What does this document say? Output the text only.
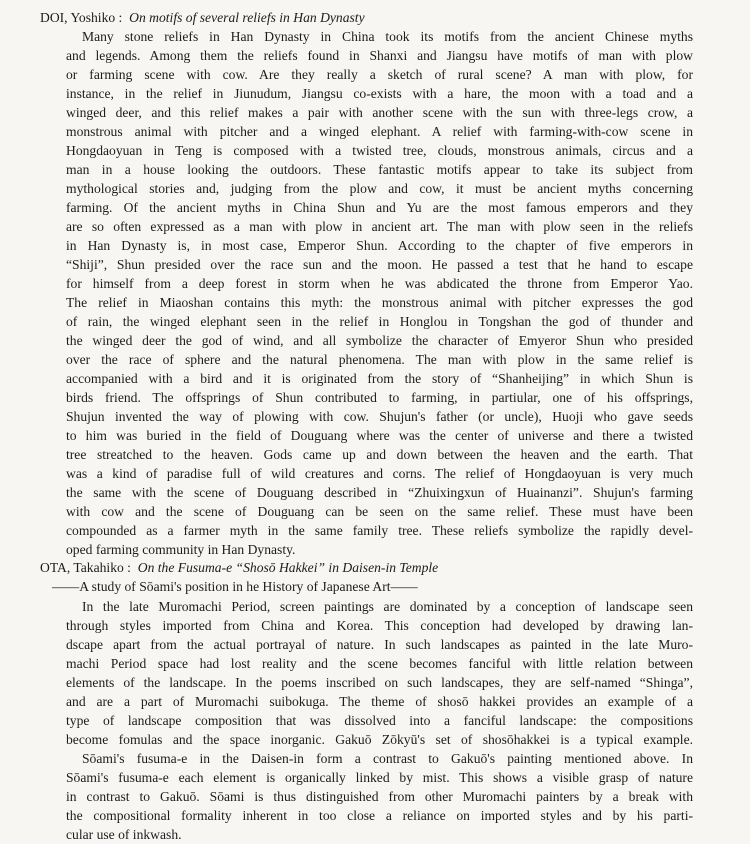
DOI, Yoshiko : On motifs of several reliefs in Han Dynasty
Many stone reliefs in Han Dynasty in China took its motifs from the ancient Chinese myths
and legends. Among them the reliefs found in Shanxi and Jiangsu have motifs of man with plow
or farming scene with cow. Are they really a sketch of rural scene? A man with plow, for
instance, in the relief in Jiunudum, Jiangsu co-exists with a hare, the moon with a toad and a
winged deer, and this relief makes a pair with another scene with the sun with three-legs crow, a
monstrous animal with pitcher and a winged elephant. A relief with farming-with-cow scene in
Hongdaoyuan in Teng is composed with a twisted tree, clouds, monstrous animals, circus and a
man in a house looking the outdoors. These fantastic motifs appear to take its subject from
mythological stories and, judging from the plow and cow, it must be ancient myths concerning
farming. Of the ancient myths in China Shun and Yu are the most famous emperors and they
are so often expressed as a man with plow in ancient art. The man with plow seen in the reliefs
in Han Dynasty is, in most case, Emperor Shun. According to the chapter of five emperors in
“Shiji”, Shun presided over the race sun and the moon. He passed a test that he hand to escape
for himself from a deep forest in storm when he was abdicated the throne from Emperor Yao.
The relief in Miaoshan contains this myth: the monstrous animal with pitcher expresses the god
of rain, the winged elephant seen in the relief in Honglou in Tongshan the god of thunder and
the winged deer the god of wind, and all symbolize the character of Emyeror Shun who presided
over the race of sphere and the natural phenomena. The man with plow in the same relief is
accompanied with a bird and it is originated from the story of “Shanheijing” in which Shun is
birds friend. The offsprings of Shun contributed to farming, in partiular, one of his offsprings,
Shujun invented the way of plowing with cow. Shujun's father (or uncle), Huoji who gave seeds
to him was buried in the field of Douguang where was the center of universe and there a twisted
tree streatched to the heaven. Gods came up and down between the heaven and the earth. That
was a kind of paradise full of wild creatures and corns. The relief of Hongdaoyuan is very much
the same with the scene of Douguang described in “Zhuixingxun of Huainanzi”. Shujun's farming
with cow and the scene of Douguang can be seen on the same relief. These must have been
compounded as a farmer myth in the same family tree. These reliefs symbolize the rapidly devel-
oped farming community in Han Dynasty.
OTA, Takahiko : On the Fusuma-e “Shosō Hakkei” in Daisen-in Temple
——A study of Sōami's position in he History of Japanese Art——
In the late Muromachi Period, screen paintings are dominated by a conception of landscape seen
through styles imported from China and Korea. This conception had developed by drawing lan-
dscape apart from the actual portrayal of nature. In such landscapes as painted in the late Muro-
machi Period space had lost reality and the scene becomes fanciful with little relation between
elements of the landscape. In the poems inscribed on such landscapes, they are self-named “Shinga”,
and are a part of Muromachi suibokuga. The theme of shosō hakkei provides an example of a
type of landscape composition that was dissolved into a fanciful landscape: the compositions
become fomulas and the space inorganic. Gakuō Zōkyū's set of shosōhakkei is a typical example.
Sōami's fusuma-e in the Daisen-in form a contrast to Gakuō's painting mentioned above. In
Sōami's fusuma-e each element is organically linked by mist. This shows a visible grasp of nature
in contrast to Gakuō. Sōami is thus distinguished from other Muromachi painters by a break with
the compositional formality inherent in too close a reliance on imported styles and by his parti-
cular use of inkwash.
